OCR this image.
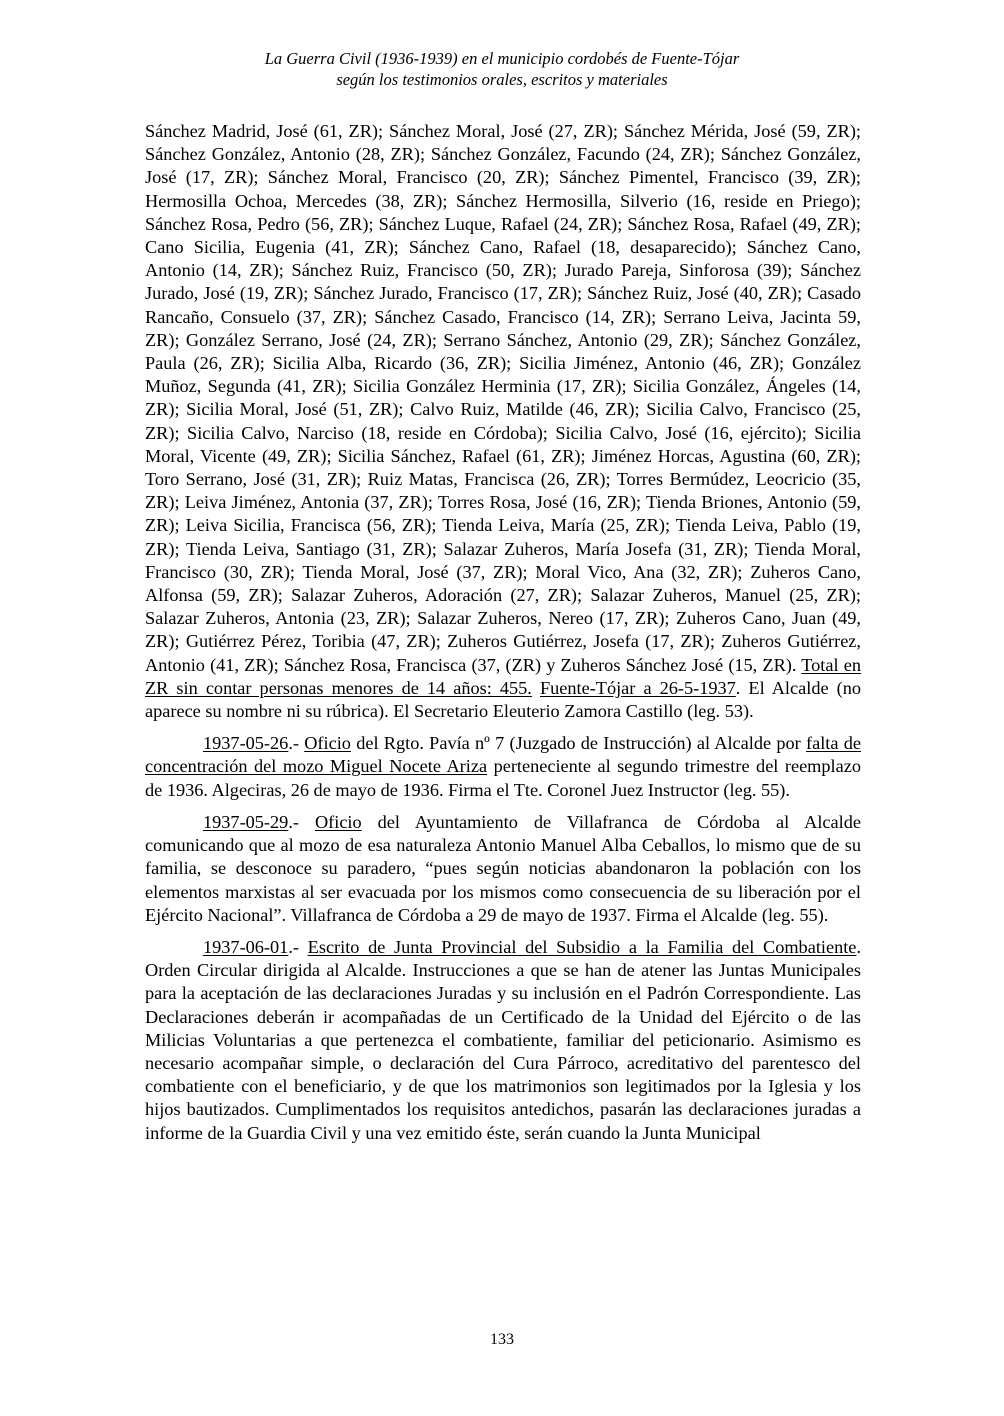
La Guerra Civil (1936-1939) en el municipio cordobés de Fuente-Tójar
según los testimonios orales, escritos y materiales

Sánchez Madrid, José (61, ZR); Sánchez Moral, José (27, ZR); Sánchez Mérida, José (59, ZR); Sánchez González, Antonio (28, ZR); Sánchez González, Facundo (24, ZR); Sánchez González, José (17, ZR); Sánchez Moral, Francisco (20, ZR); Sánchez Pimentel, Francisco (39, ZR); Hermosilla Ochoa, Mercedes (38, ZR); Sánchez Hermosilla, Silverio (16, reside en Priego); Sánchez Rosa, Pedro (56, ZR); Sánchez Luque, Rafael (24, ZR); Sánchez Rosa, Rafael (49, ZR); Cano Sicilia, Eugenia (41, ZR); Sánchez Cano, Rafael (18, desaparecido); Sánchez Cano, Antonio (14, ZR); Sánchez Ruiz, Francisco (50, ZR); Jurado Pareja, Sinforosa (39); Sánchez Jurado, José (19, ZR); Sánchez Jurado, Francisco (17, ZR); Sánchez Ruiz, José (40, ZR); Casado Rancaño, Consuelo (37, ZR); Sánchez Casado, Francisco (14, ZR); Serrano Leiva, Jacinta 59, ZR); González Serrano, José (24, ZR); Serrano Sánchez, Antonio (29, ZR); Sánchez González, Paula (26, ZR); Sicilia Alba, Ricardo (36, ZR); Sicilia Jiménez, Antonio (46, ZR); González Muñoz, Segunda (41, ZR); Sicilia González Herminia (17, ZR); Sicilia González, Ángeles (14, ZR); Sicilia Moral, José (51, ZR); Calvo Ruiz, Matilde (46, ZR); Sicilia Calvo, Francisco (25, ZR); Sicilia Calvo, Narciso (18, reside en Córdoba); Sicilia Calvo, José (16, ejército); Sicilia Moral, Vicente (49, ZR); Sicilia Sánchez, Rafael (61, ZR); Jiménez Horcas, Agustina (60, ZR); Toro Serrano, José (31, ZR); Ruiz Matas, Francisca (26, ZR); Torres Bermúdez, Leocricio (35, ZR); Leiva Jiménez, Antonia (37, ZR); Torres Rosa, José (16, ZR); Tienda Briones, Antonio (59, ZR); Leiva Sicilia, Francisca (56, ZR); Tienda Leiva, María (25, ZR); Tienda Leiva, Pablo (19, ZR); Tienda Leiva, Santiago (31, ZR); Salazar Zuheros, María Josefa (31, ZR); Tienda Moral, Francisco (30, ZR); Tienda Moral, José (37, ZR); Moral Vico, Ana (32, ZR); Zuheros Cano, Alfonsa (59, ZR); Salazar Zuheros, Adoración (27, ZR); Salazar Zuheros, Manuel (25, ZR); Salazar Zuheros, Antonia (23, ZR); Salazar Zuheros, Nereo (17, ZR); Zuheros Cano, Juan (49, ZR); Gutiérrez Pérez, Toribia (47, ZR); Zuheros Gutiérrez, Josefa (17, ZR); Zuheros Gutiérrez, Antonio (41, ZR); Sánchez Rosa, Francisca (37, (ZR) y Zuheros Sánchez José (15, ZR). Total en ZR sin contar personas menores de 14 años: 455. Fuente-Tójar a 26-5-1937. El Alcalde (no aparece su nombre ni su rúbrica). El Secretario Eleuterio Zamora Castillo (leg. 53).

1937-05-26.- Oficio del Rgto. Pavía nº 7 (Juzgado de Instrucción) al Alcalde por falta de concentración del mozo Miguel Nocete Ariza perteneciente al segundo trimestre del reemplazo de 1936. Algeciras, 26 de mayo de 1936. Firma el Tte. Coronel Juez Instructor (leg. 55).

1937-05-29.- Oficio del Ayuntamiento de Villafranca de Córdoba al Alcalde comunicando que al mozo de esa naturaleza Antonio Manuel Alba Ceballos, lo mismo que de su familia, se desconoce su paradero, “pues según noticias abandonaron la población con los elementos marxistas al ser evacuada por los mismos como consecuencia de su liberación por el Ejército Nacional”. Villafranca de Córdoba a 29 de mayo de 1937. Firma el Alcalde (leg. 55).

1937-06-01.- Escrito de Junta Provincial del Subsidio a la Familia del Combatiente. Orden Circular dirigida al Alcalde. Instrucciones a que se han de atener las Juntas Municipales para la aceptación de las declaraciones Juradas y su inclusión en el Padrón Correspondiente. Las Declaraciones deberán ir acompañadas de un Certificado de la Unidad del Ejército o de las Milicias Voluntarias a que pertenezca el combatiente, familiar del peticionario. Asimismo es necesario acompañar simple, o declaración del Cura Párroco, acreditativo del parentesco del combatiente con el beneficiario, y de que los matrimonios son legitimados por la Iglesia y los hijos bautizados. Cumplimentados los requisitos antedichos, pasarán las declaraciones juradas a informe de la Guardia Civil y una vez emitido éste, serán cuando la Junta Municipal

133
